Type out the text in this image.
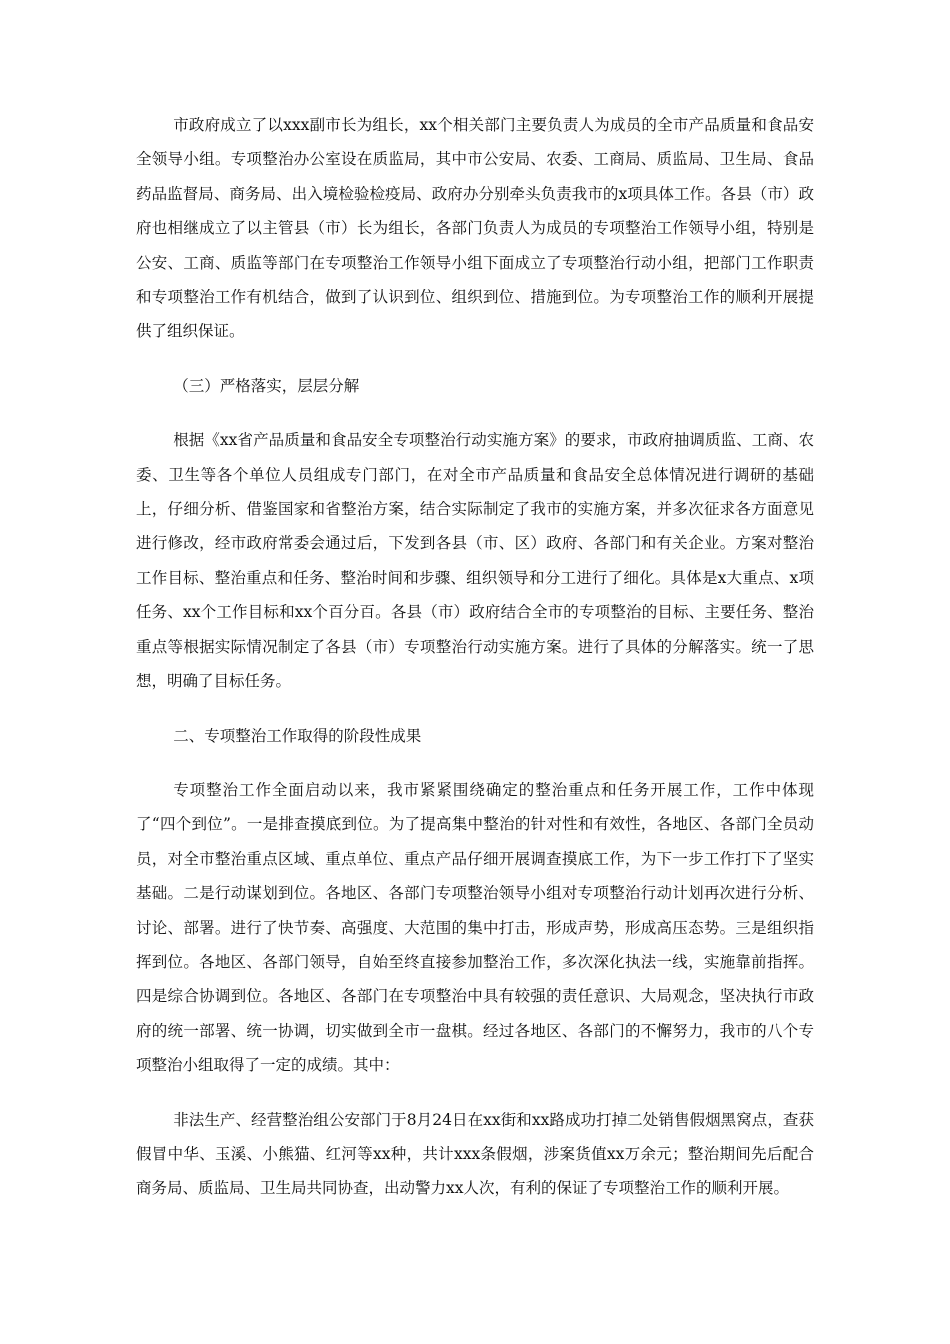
市政府成立了以xxx副市长为组长，xx个相关部门主要负责人为成员的全市产品质量和食品安全领导小组。专项整治办公室设在质监局，其中市公安局、农委、工商局、质监局、卫生局、食品药品监督局、商务局、出入境检验检疫局、政府办分别牵头负责我市的x项具体工作。各县（市）政府也相继成立了以主管县（市）长为组长，各部门负责人为成员的专项整治工作领导小组，特别是公安、工商、质监等部门在专项整治工作领导小组下面成立了专项整治行动小组，把部门工作职责和专项整治工作有机结合，做到了认识到位、组织到位、措施到位。为专项整治工作的顺利开展提供了组织保证。

（三）严格落实，层层分解

根据《xx省产品质量和食品安全专项整治行动实施方案》的要求，市政府抽调质监、工商、农委、卫生等各个单位人员组成专门部门，在对全市产品质量和食品安全总体情况进行调研的基础上，仔细分析、借鉴国家和省整治方案，结合实际制定了我市的实施方案，并多次征求各方面意见进行修改，经市政府常委会通过后，下发到各县（市、区）政府、各部门和有关企业。方案对整治工作目标、整治重点和任务、整治时间和步骤、组织领导和分工进行了细化。具体是x大重点、x项任务、xx个工作目标和xx个百分百。各县（市）政府结合全市的专项整治的目标、主要任务、整治重点等根据实际情况制定了各县（市）专项整治行动实施方案。进行了具体的分解落实。统一了思想，明确了目标任务。

二、专项整治工作取得的阶段性成果

专项整治工作全面启动以来，我市紧紧围绕确定的整治重点和任务开展工作，工作中体现了“四个到位”。一是排查摸底到位。为了提高集中整治的针对性和有效性，各地区、各部门全员动员，对全市整治重点区域、重点单位、重点产品仔细开展调查摸底工作，为下一步工作打下了坚实基础。二是行动谋划到位。各地区、各部门专项整治领导小组对专项整治行动计划再次进行分析、讨论、部署。进行了快节奏、高强度、大范围的集中打击，形成声势，形成高压态势。三是组织指挥到位。各地区、各部门领导，自始至终直接参加整治工作，多次深化执法一线，实施靠前指挥。四是综合协调到位。各地区、各部门在专项整治中具有较强的责任意识、大局观念，坚决执行市政府的统一部署、统一协调，切实做到全市一盘棋。经过各地区、各部门的不懈努力，我市的八个专项整治小组取得了一定的成绩。其中：

非法生产、经营整治组公安部门于8月24日在xx街和xx路成功打掉二处销售假烟黑窝点，查获假冒中华、玉溪、小熊猫、红河等xx种，共计xxx条假烟，涉案货值xx万余元；整治期间先后配合商务局、质监局、卫生局共同协查，出动警力xx人次，有利的保证了专项整治工作的顺利开展。
